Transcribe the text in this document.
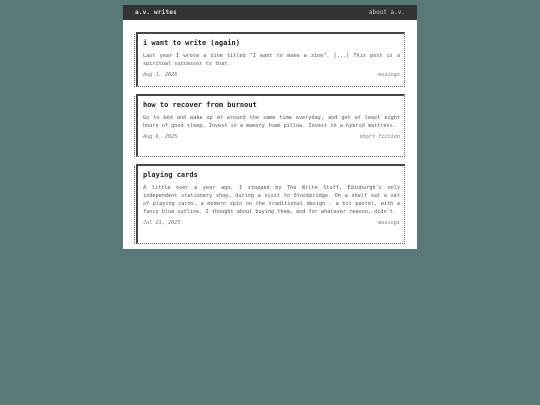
a.v. writes	about a.v.
i want to write (again)

Last year I wrote a zine titled "I want to make a zine". [...] This post is a spiritual successor to that.

Aug 1, 2026	musings
how to recover from burnout

Go to bed and wake up at around the same time everyday, and get at least eight hours of good sleep. Invest in a memory foam pillow. Invest in a hybrid mattress.

Aug 6, 2025	short fiction
playing cards

A little over a year ago, I stopped by The Write Stuff, Edinburgh's only independent stationery shop, during a visit to Stockbridge. On a shelf sat a set of playing cards, a modern spin on the traditional design - a bit pastel, with a fancy blue outline. I thought about buying them, and for whatever reason, didn't.

Jul 21, 2025	musings
